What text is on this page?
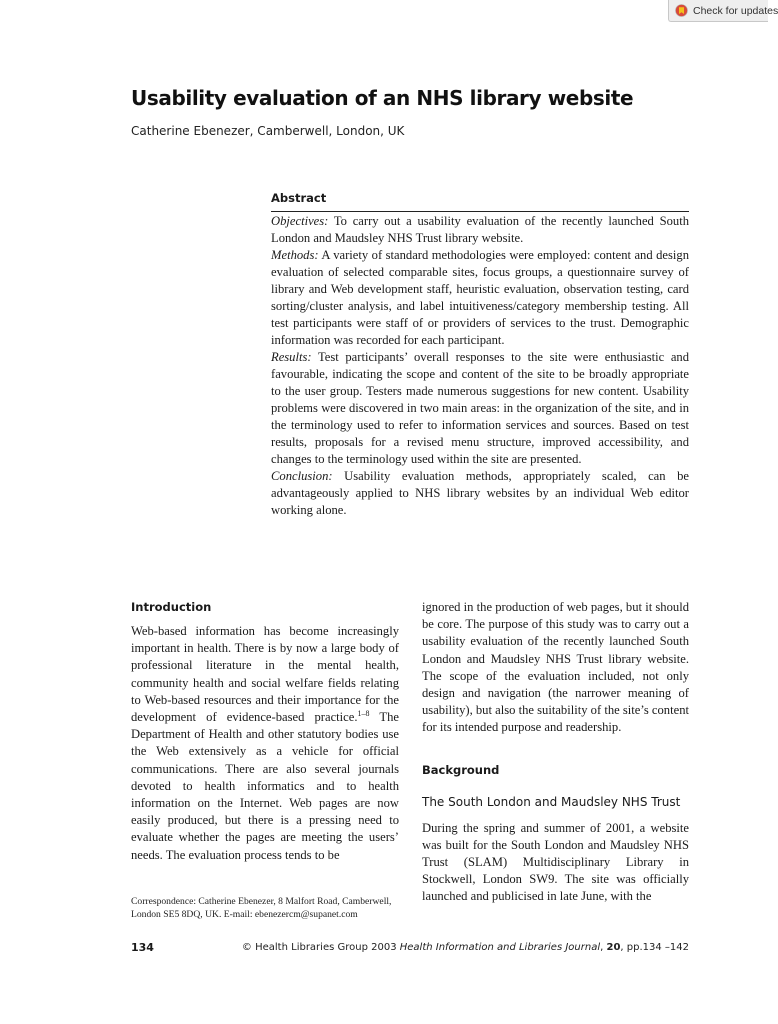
Check for updates
Usability evaluation of an NHS library website
Catherine Ebenezer, Camberwell, London, UK
Abstract

Objectives: To carry out a usability evaluation of the recently launched South London and Maudsley NHS Trust library website.

Methods: A variety of standard methodologies were employed: content and design evaluation of selected comparable sites, focus groups, a questionnaire survey of library and Web development staff, heuristic evaluation, observation testing, card sorting/cluster analysis, and label intuitiveness/category membership testing. All test participants were staff of or providers of services to the trust. Demographic information was recorded for each participant.

Results: Test participants’ overall responses to the site were enthusiastic and favourable, indicating the scope and content of the site to be broadly appropriate to the user group. Testers made numerous suggestions for new content. Usability problems were discovered in two main areas: in the organization of the site, and in the terminology used to refer to information services and sources. Based on test results, proposals for a revised menu structure, improved accessibility, and changes to the terminology used within the site are presented.

Conclusion: Usability evaluation methods, appropriately scaled, can be advantageously applied to NHS library websites by an individual Web editor working alone.

Introduction

Web-based information has become increasingly important in health. There is by now a large body of professional literature in the mental health, community health and social welfare fields relating to Web-based resources and their importance for the development of evidence-based practice.$^{1-8}$ The Department of Health and other statutory bodies use the Web extensively as a vehicle for official communications. There are also several journals devoted to health informatics and to health information on the Internet. Web pages are now easily produced, but there is a pressing need to evaluate whether the pages are meeting the users’ needs. The evaluation process tends to be

ignored in the production of web pages, but it should be core. The purpose of this study was to carry out a usability evaluation of the recently launched South London and Maudsley NHS Trust library website. The scope of the evaluation included, not only design and navigation (the narrower meaning of usability), but also the suitability of the site’s content for its intended purpose and readership.

Background
The South London and Maudsley NHS Trust

During the spring and summer of 2001, a website was built for the South London and Maudsley NHS Trust (SLAM) Multidisciplinary Library in Stockwell, London SW9. The site was officially launched and publicised in late June, with the

Correspondence: Catherine Ebenezer, 8 Malfort Road, Camberwell, London SE5 8DQ, UK. E-mail: ebenezercm@supanet.com
134	© Health Libraries Group 2003 Health Information and Libraries Journal, 20, pp.134 –142
